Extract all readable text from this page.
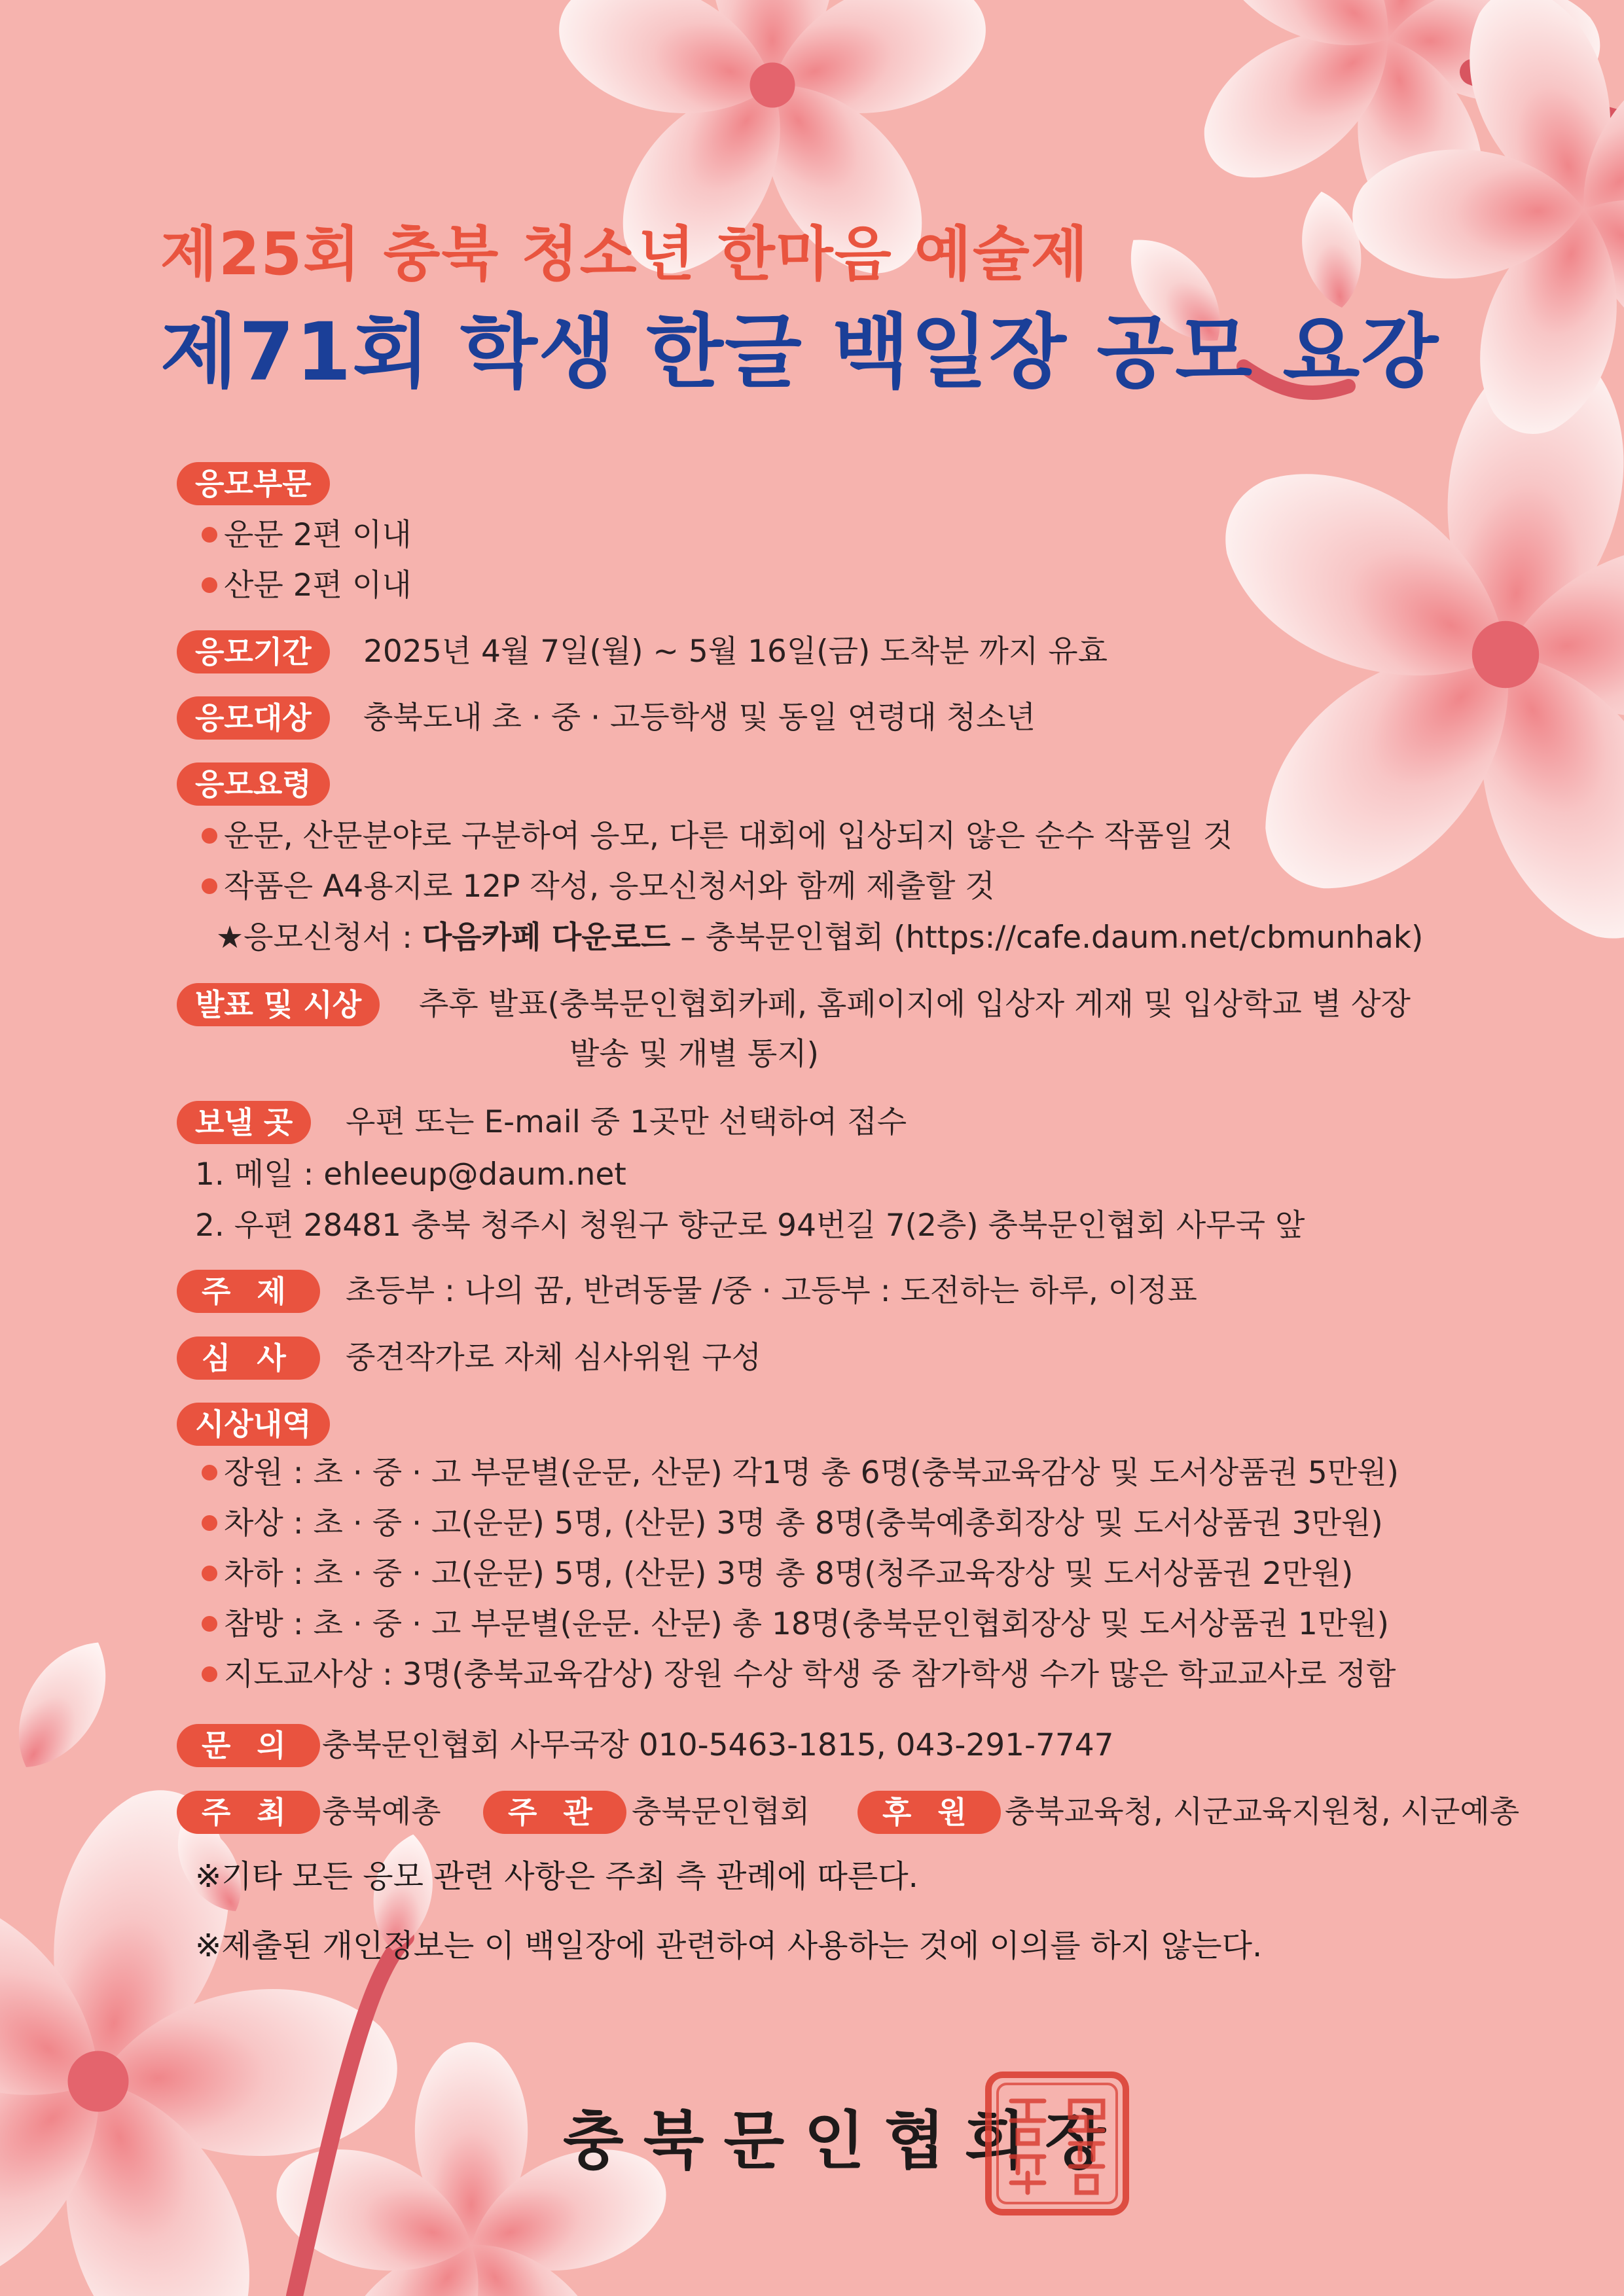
제25회 충북 청소년 한마음 예술제
제71회 학생 한글 백일장 공모 요강
응모부문
운문 2편 이내
산문 2편 이내
응모기간	2025년 4월 7일(월) ~ 5월 16일(금) 도착분 까지 유효
응모대상	충북도내 초 · 중 · 고등학생 및 동일 연령대 청소년
응모요령
운문, 산문분야로 구분하여 응모, 다른 대회에 입상되지 않은 순수 작품일 것
작품은 A4용지로 12P 작성, 응모신청서와 함께 제출할 것
★응모신청서 : 다음카페 다운로드 – 충북문인협회 (https://cafe.daum.net/cbmunhak)
발표 및 시상	추후 발표(충북문인협회카페, 홈페이지에 입상자 게재 및 입상학교 별 상장
발송 및 개별 통지)
보낼 곳	우편 또는 E-mail 중 1곳만 선택하여 접수
1. 메일 : ehleeup@daum.net
2. 우편 28481 충북 청주시 청원구 향군로 94번길 7(2층) 충북문인협회 사무국 앞
주제 초등부 : 나의 꿈, 반려동물 /중 · 고등부 : 도전하는 하루, 이정표
심사 중견작가로 자체 심사위원 구성
시상내역
장원 : 초 · 중 · 고 부문별(운문, 산문) 각1명 총 6명(충북교육감상 및 도서상품권 5만원)
차상 : 초 · 중 · 고(운문) 5명, (산문) 3명 총 8명(충북예총회장상 및 도서상품권 3만원)
차하 : 초 · 중 · 고(운문) 5명, (산문) 3명 총 8명(청주교육장상 및 도서상품권 2만원)
참방 : 초 · 중 · 고 부문별(운문. 산문) 총 18명(충북문인협회장상 및 도서상품권 1만원)
지도교사상 : 3명(충북교육감상) 장원 수상 학생 중 참가학생 수가 많은 학교교사로 정함
문의 충북문인협회 사무국장 010-5463-1815, 043-291-7747
주최 충북예총	주관 충북문인협회	후원 충북교육청, 시군교육지원청, 시군예총
※기타 모든 응모 관련 사항은 주최 측 관례에 따른다.
※제출된 개인정보는 이 백일장에 관련하여 사용하는 것에 이의를 하지 않는다.
충북문인협회장
